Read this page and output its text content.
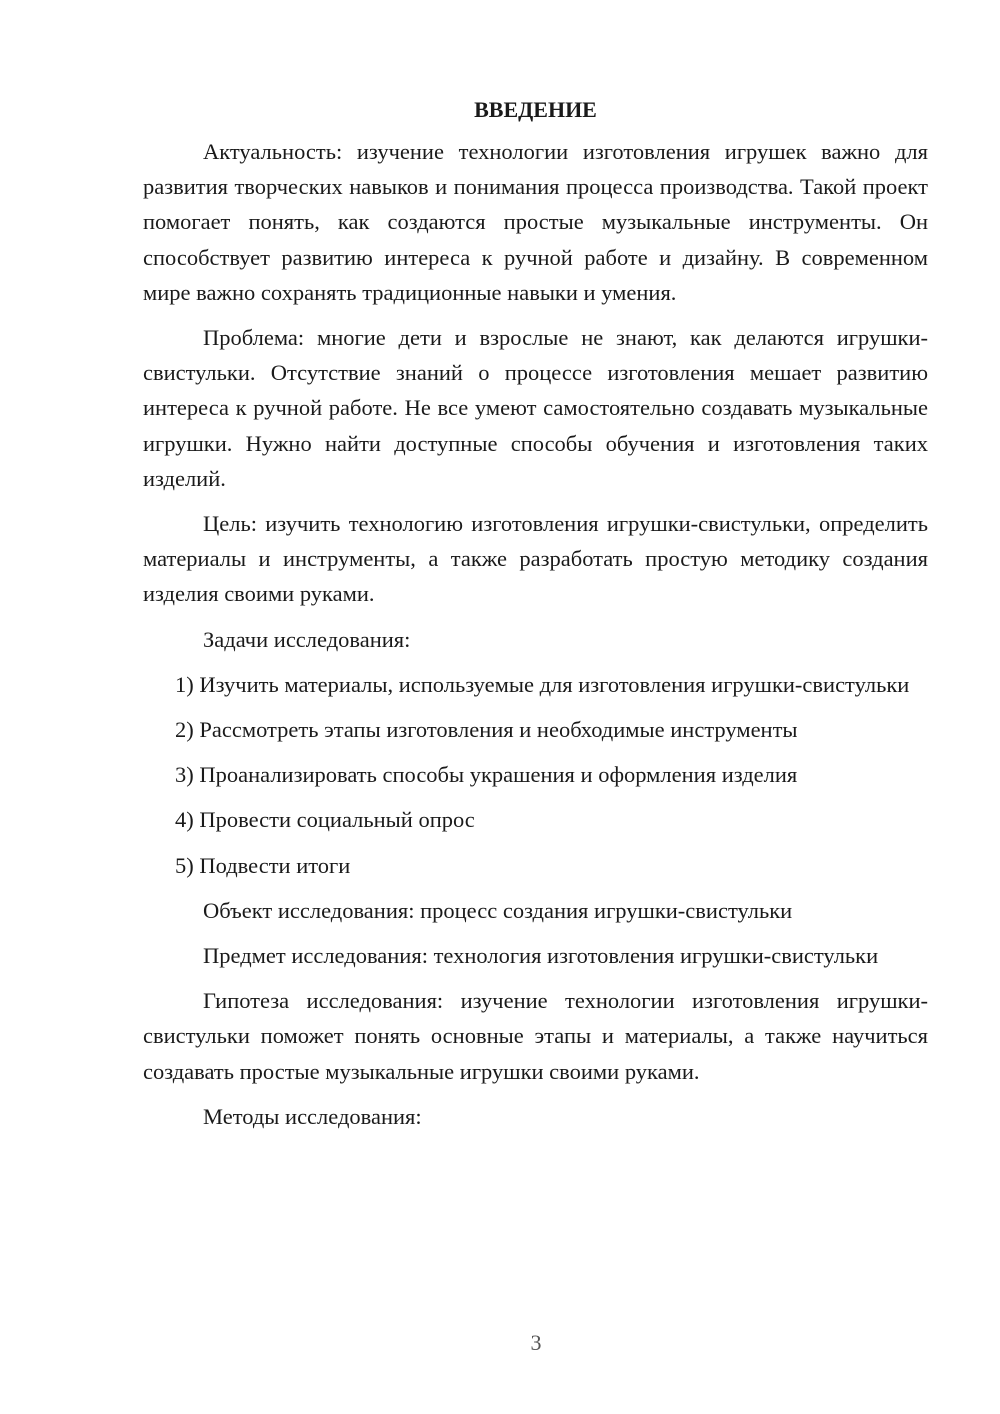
ВВЕДЕНИЕ

Актуальность: изучение технологии изготовления игрушек важно для развития творческих навыков и понимания процесса производства. Такой проект помогает понять, как создаются простые музыкальные инструменты. Он способствует развитию интереса к ручной работе и дизайну. В современном мире важно сохранять традиционные навыки и умения.

Проблема: многие дети и взрослые не знают, как делаются игрушки-свистульки. Отсутствие знаний о процессе изготовления мешает развитию интереса к ручной работе. Не все умеют самостоятельно создавать музыкальные игрушки. Нужно найти доступные способы обучения и изготовления таких изделий.

Цель: изучить технологию изготовления игрушки-свистульки, определить материалы и инструменты, а также разработать простую методику создания изделия своими руками.

Задачи исследования:

1) Изучить материалы, используемые для изготовления игрушки-свистульки

2) Рассмотреть этапы изготовления и необходимые инструменты

3) Проанализировать способы украшения и оформления изделия

4) Провести социальный опрос

5) Подвести итоги

Объект исследования: процесс создания игрушки-свистульки

Предмет исследования: технология изготовления игрушки-свистульки

Гипотеза исследования: изучение технологии изготовления игрушки-свистульки поможет понять основные этапы и материалы, а также научиться создавать простые музыкальные игрушки своими руками.

Методы исследования:

3
